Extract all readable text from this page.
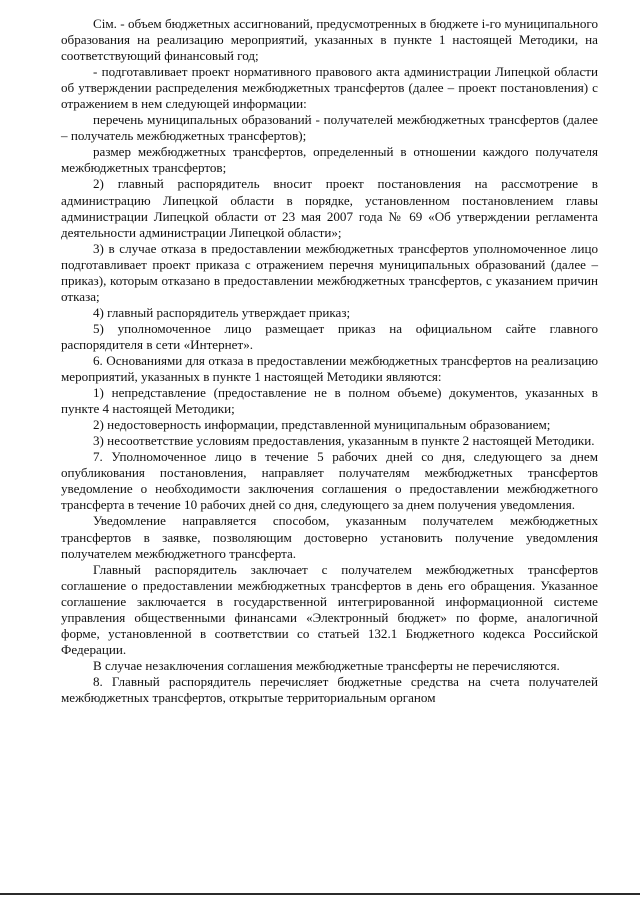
Ciм. - объем бюджетных ассигнований, предусмотренных в бюджете i-го муниципального образования на реализацию мероприятий, указанных в пункте 1 настоящей Методики, на соответствующий финансовый год;

- подготавливает проект нормативного правового акта администрации Липецкой области об утверждении распределения межбюджетных трансфертов (далее – проект постановления) с отражением в нем следующей информации:

перечень муниципальных образований - получателей межбюджетных трансфертов (далее – получатель межбюджетных трансфертов);

размер межбюджетных трансфертов, определенный в отношении каждого получателя межбюджетных трансфертов;

2) главный распорядитель вносит проект постановления на рассмотрение в администрацию Липецкой области в порядке, установленном постановлением главы администрации Липецкой области от 23 мая 2007 года № 69 «Об утверждении регламента деятельности администрации Липецкой области»;

3) в случае отказа в предоставлении межбюджетных трансфертов уполномоченное лицо подготавливает проект приказа с отражением перечня муниципальных образований (далее – приказ), которым отказано в предоставлении межбюджетных трансфертов, с указанием причин отказа;

4) главный распорядитель утверждает приказ;

5) уполномоченное лицо размещает приказ на официальном сайте главного распорядителя в сети «Интернет».

6. Основаниями для отказа в предоставлении межбюджетных трансфертов на реализацию мероприятий, указанных в пункте 1 настоящей Методики являются:

1) непредставление (предоставление не в полном объеме) документов, указанных в пункте 4 настоящей Методики;

2) недостоверность информации, представленной муниципальным образованием;

3) несоответствие условиям предоставления, указанным в пункте 2 настоящей Методики.

7. Уполномоченное лицо в течение 5 рабочих дней со дня, следующего за днем опубликования постановления, направляет получателям межбюджетных трансфертов уведомление о необходимости заключения соглашения о предоставлении межбюджетного трансферта в течение 10 рабочих дней со дня, следующего за днем получения уведомления.

Уведомление направляется способом, указанным получателем межбюджетных трансфертов в заявке, позволяющим достоверно установить получение уведомления получателем межбюджетного трансферта.

Главный распорядитель заключает с получателем межбюджетных трансфертов соглашение о предоставлении межбюджетных трансфертов в день его обращения. Указанное соглашение заключается в государственной интегрированной информационной системе управления общественными финансами «Электронный бюджет» по форме, аналогичной форме, установленной в соответствии со статьей 132.1 Бюджетного кодекса Российской Федерации.

В случае незаключения соглашения межбюджетные трансферты не перечисляются.

8. Главный распорядитель перечисляет бюджетные средства на счета получателей межбюджетных трансфертов, открытые территориальным органом
